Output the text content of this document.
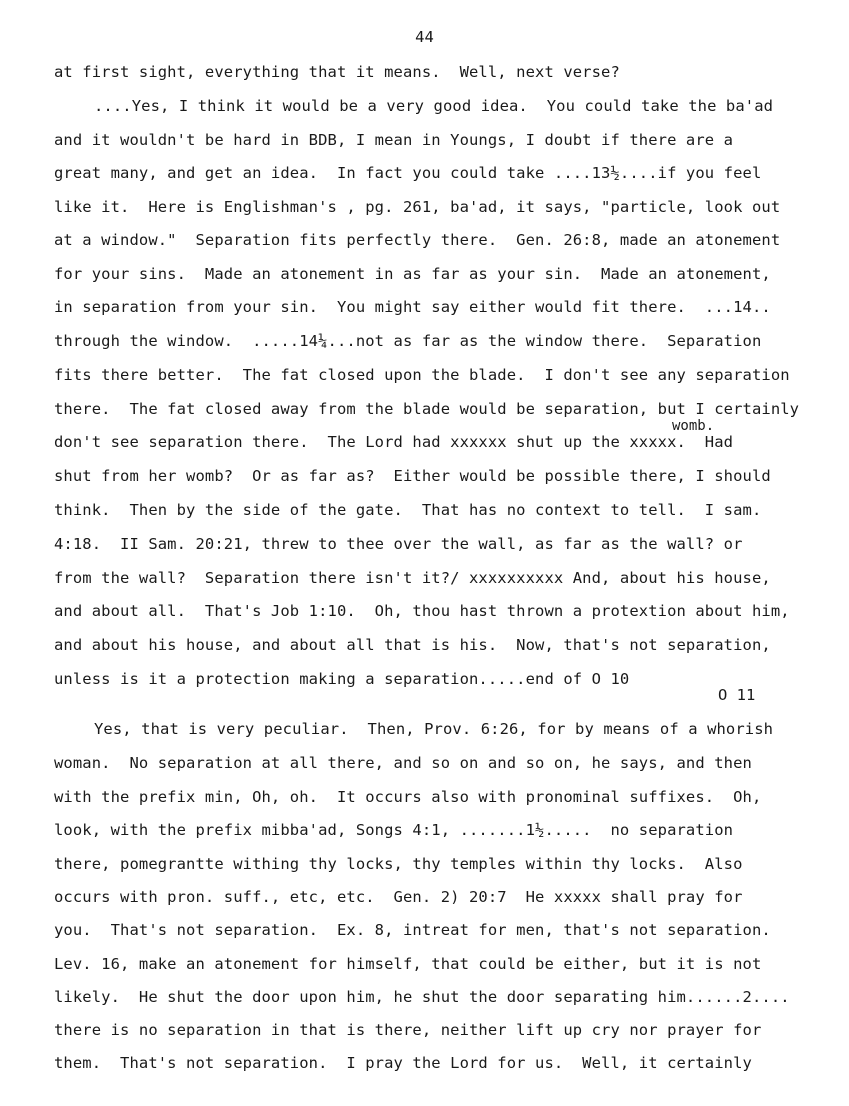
44
at first sight, everything that it means.  Well, next verse?
....Yes, I think it would be a very good idea.  You could take the ba'ad
and it wouldn't be hard in BDB, I mean in Youngs, I doubt if there are a
great many, and get an idea.  In fact you could take ....13½....if you feel
like it.  Here is Englishman's , pg. 261, ba'ad, it says, "particle, look out
at a window."  Separation fits perfectly there.  Gen. 26:8, made an atonement
for your sins.  Made an atonement in as far as your sin.  Made an atonement,
in separation from your sin.  You might say either would fit there.  ...14..
through the window.  .....14¼...not as far as the window there.  Separation
fits there better.  The fat closed upon the blade.  I don't see any separation
there.  The fat closed away from the blade would be separation, but I certainly
womb.
don't see separation there.  The Lord had xxxxxx shut up the xxxxx.  Had
shut from her womb?  Or as far as?  Either would be possible there, I should
think.  Then by the side of the gate.  That has no context to tell.  I sam.
4:18.  II Sam. 20:21, threw to thee over the wall, as far as the wall? or
from the wall?  Separation there isn't it?/ xxxxxxxxxx And, about his house,
and about all.  That's Job 1:10.  Oh, thou hast thrown a protextion about him,
and about his house, and about all that is his.  Now, that's not separation,
unless is it a protection making a separation.....end of O 10
O 11
Yes, that is very peculiar.  Then, Prov. 6:26, for by means of a whorish
woman.  No separation at all there, and so on and so on, he says, and then
with the prefix min, Oh, oh.  It occurs also with pronominal suffixes.  Oh,
look, with the prefix mibba'ad, Songs 4:1, .......1½.....  no separation
there, pomegrantte withing thy locks, thy temples within thy locks.  Also
occurs with pron. suff., etc, etc.  Gen. 2) 20:7  He xxxxx shall pray for
you.  That's not separation.  Ex. 8, intreat for men, that's not separation.
Lev. 16, make an atonement for himself, that could be either, but it is not
likely.  He shut the door upon him, he shut the door separating him......2....
there is no separation in that is there, neither lift up cry nor prayer for
them.  That's not separation.  I pray the Lord for us.  Well, it certainly
